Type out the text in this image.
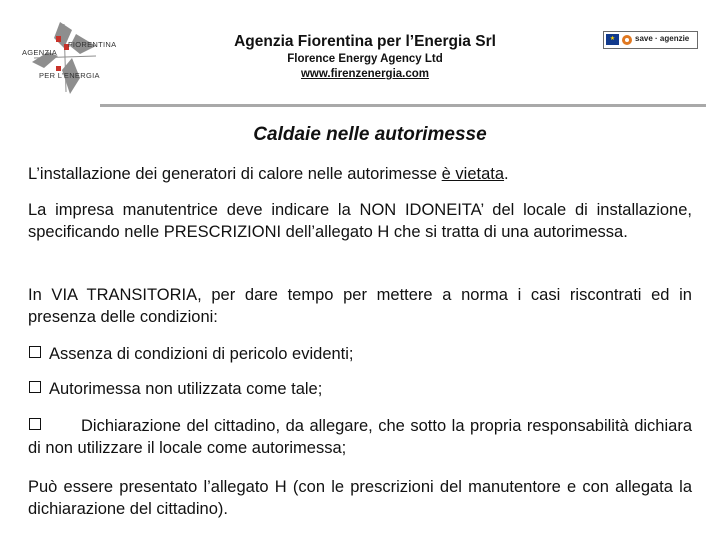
FIORENTINA
AGENZIA
PER L'ENERGIA
Agenzia Fiorentina per l’Energia Srl
Florence Energy Agency Ltd
www.firenzenergia.com
★	save · agenzie
Caldaie nelle autorimesse

L’installazione dei generatori di calore nelle autorimesse è vietata.

La impresa manutentrice deve indicare la NON IDONEITA’ del locale di installazione, specificando nelle PRESCRIZIONI dell’allegato H che si tratta di una autorimessa.

In VIA TRANSITORIA, per dare tempo per mettere a norma i casi riscontrati ed in presenza delle condizioni:

Assenza di condizioni di pericolo evidenti;

Autorimessa non utilizzata come tale;

Dichiarazione del cittadino, da allegare, che sotto la propria responsabilità dichiara di non utilizzare il locale come autorimessa;

Può essere presentato l’allegato H (con le prescrizioni del manutentore e con allegata la dichiarazione del cittadino).
